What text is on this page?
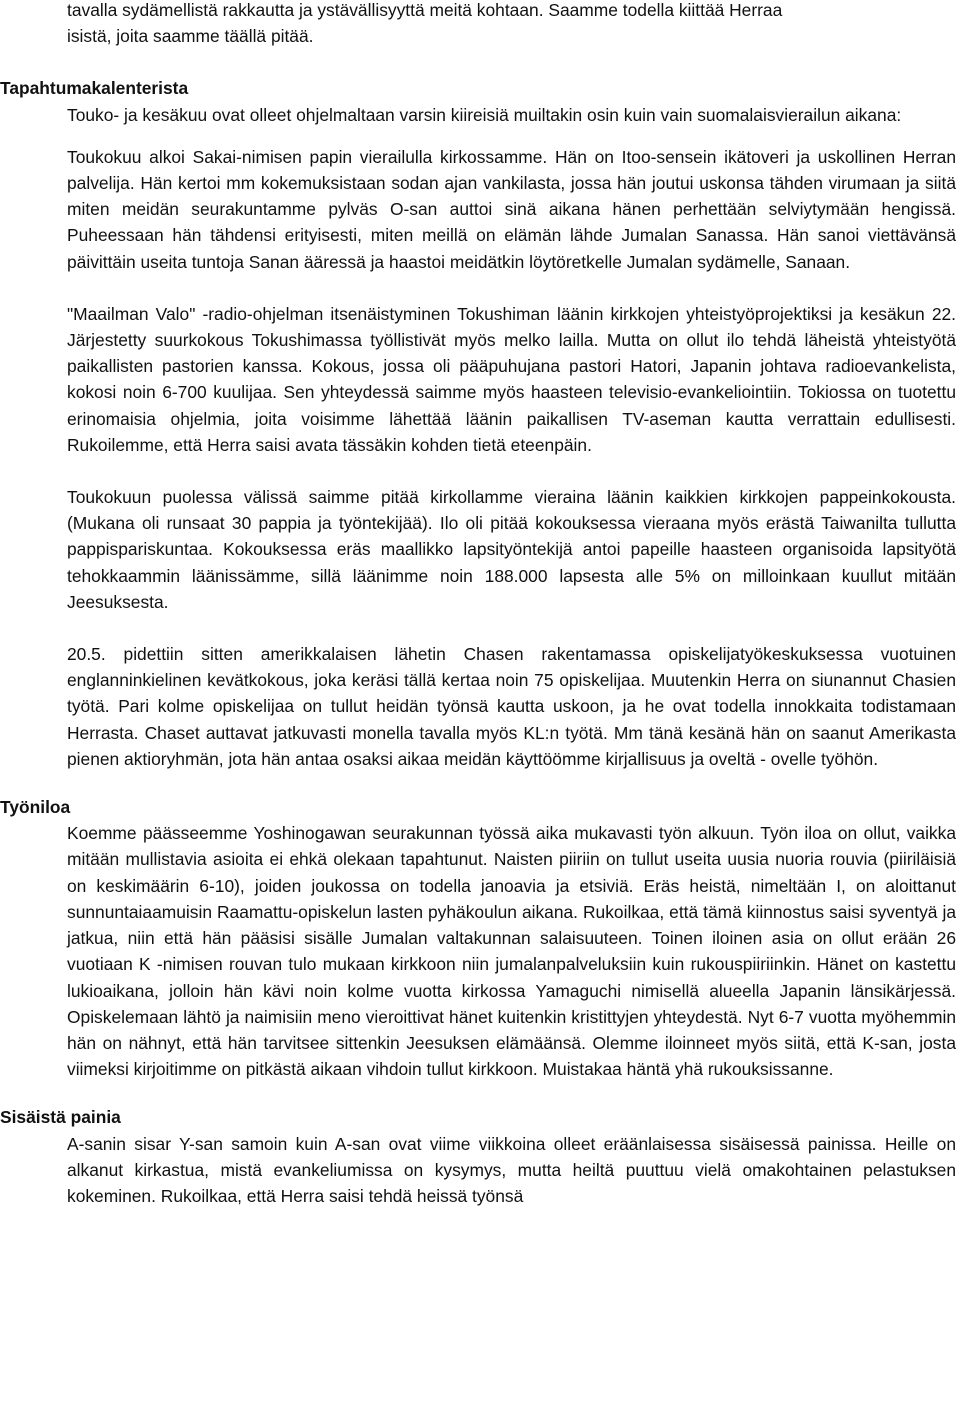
tavalla sydämellistä rakkautta ja ystävällisyyttä meitä kohtaan. Saamme todella kiittää Herraa
isistä, joita saamme täällä pitää.
Tapahtumakalenterista
Touko- ja kesäkuu ovat olleet ohjelmaltaan varsin kiireisiä muiltakin osin kuin vain suomalaisvierailun aikana:
Toukokuu alkoi Sakai-nimisen papin vierailulla kirkossamme. Hän on Itoo-sensein ikätoveri ja uskollinen Herran palvelija. Hän kertoi mm kokemuksistaan sodan ajan vankilasta, jossa hän joutui uskonsa tähden virumaan ja siitä miten meidän seurakuntamme pylväs O-san auttoi sinä aikana hänen perhettään selviytymään hengissä. Puheessaan hän tähdensi erityisesti, miten meillä on elämän lähde Jumalan Sanassa. Hän sanoi viettävänsä päivittäin useita tuntoja Sanan ääressä ja haastoi meidätkin löytöretkelle Jumalan sydämelle, Sanaan.
"Maailman Valo" -radio-ohjelman itsenäistyminen Tokushiman läänin kirkkojen yhteistyöprojektiksi ja kesäkun 22. Järjestetty suurkokous Tokushimassa työllistivät myös melko lailla. Mutta on ollut ilo tehdä läheistä yhteistyötä paikallisten pastorien kanssa. Kokous, jossa oli pääpuhujana pastori Hatori, Japanin johtava radioevankelista, kokosi noin 6-700 kuulijaa. Sen yhteydessä saimme myös haasteen televisio-evankeliointiin. Tokiossa on tuotettu erinomaisia ohjelmia, joita voisimme lähettää läänin paikallisen TV-aseman kautta verrattain edullisesti. Rukoilemme, että Herra saisi avata tässäkin kohden tietä eteenpäin.
Toukokuun puolessa välissä saimme pitää kirkollamme vieraina läänin kaikkien kirkkojen pappeinkokousta. (Mukana oli runsaat 30 pappia ja työntekijää). Ilo oli pitää kokouksessa vieraana myös erästä Taiwanilta tullutta pappispariskuntaa. Kokouksessa eräs maallikko lapsityöntekijä antoi papeille haasteen organisoida lapsityötä tehokkaammin läänissämme, sillä läänimme noin 188.000 lapsesta alle 5% on milloinkaan kuullut mitään Jeesuksesta.
20.5. pidettiin sitten amerikkalaisen lähetin Chasen rakentamassa opiskelijatyökeskuksessa vuotuinen englanninkielinen kevätkokous, joka keräsi tällä kertaa noin 75 opiskelijaa. Muutenkin Herra on siunannut Chasien työtä. Pari kolme opiskelijaa on tullut heidän työnsä kautta uskoon, ja he ovat todella innokkaita todistamaan Herrasta. Chaset auttavat jatkuvasti monella tavalla myös KL:n työtä. Mm tänä kesänä hän on saanut Amerikasta pienen aktioryhmän, jota hän antaa osaksi aikaa meidän käyttöömme kirjallisuus ja oveltä - ovelle työhön.
Työniloa
Koemme päässeemme Yoshinogawan seurakunnan työssä aika mukavasti työn alkuun. Työn iloa on ollut, vaikka mitään mullistavia asioita ei ehkä olekaan tapahtunut. Naisten piiriin on tullut useita uusia nuoria rouvia (piiriläisiä on keskimäärin 6-10), joiden joukossa on todella janoavia ja etsiviä. Eräs heistä, nimeltään I, on aloittanut sunnuntaiaamuisin Raamattu-opiskelun lasten pyhäkoulun aikana. Rukoilkaa, että tämä kiinnostus saisi syventyä ja jatkua, niin että hän pääsisi sisälle Jumalan valtakunnan salaisuuteen. Toinen iloinen asia on ollut erään 26 vuotiaan K -nimisen rouvan tulo mukaan kirkkoon niin jumalanpalveluksiin kuin rukouspiiriinkin. Hänet on kastettu lukioaikana, jolloin hän kävi noin kolme vuotta kirkossa Yamaguchi nimisellä alueella Japanin länsikärjessä. Opiskelemaan lähtö ja naimisiin meno vieroittivat hänet kuitenkin kristittyjen yhteydestä. Nyt 6-7 vuotta myöhemmin hän on nähnyt, että hän tarvitsee sittenkin Jeesuksen elämäänsä. Olemme iloinneet myös siitä, että K-san, josta viimeksi kirjoitimme on pitkästä aikaan vihdoin tullut kirkkoon. Muistakaa häntä yhä rukouksissanne.
Sisäistä painia
A-sanin sisar Y-san samoin kuin A-san ovat viime viikkoina olleet eräänlaisessa sisäisessä painissa. Heille on alkanut kirkastua, mistä evankeliumissa on kysymys, mutta heiltä puuttuu vielä omakohtainen pelastuksen kokeminen. Rukoilkaa, että Herra saisi tehdä heissä työnsä
